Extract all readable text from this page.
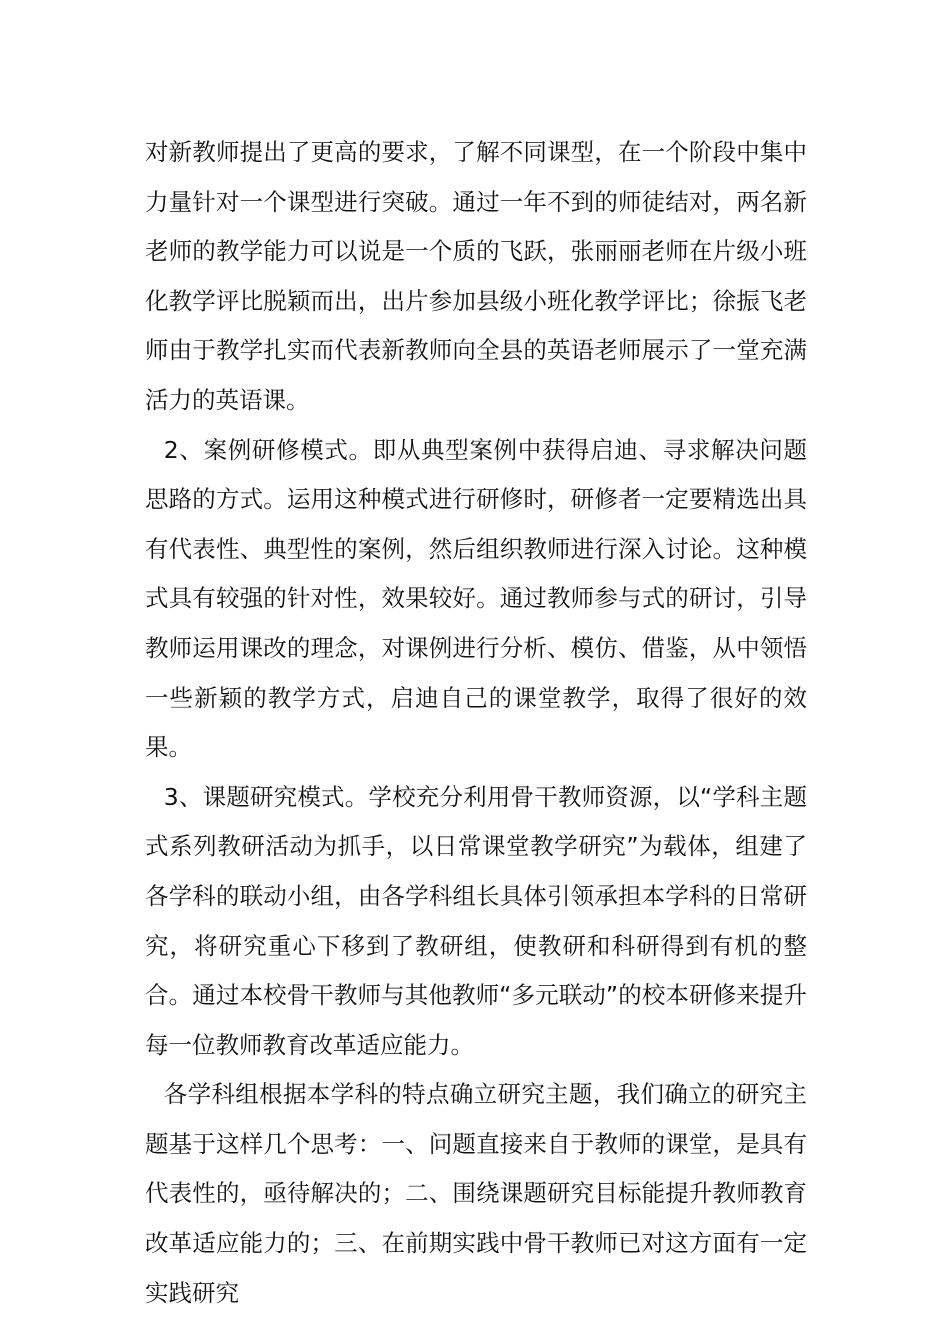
对新教师提出了更高的要求，了解不同课型，在一个阶段中集中力量针对一个课型进行突破。通过一年不到的师徒结对，两名新老师的教学能力可以说是一个质的飞跃，张丽丽老师在片级小班化教学评比脱颖而出，出片参加县级小班化教学评比；徐振飞老师由于教学扎实而代表新教师向全县的英语老师展示了一堂充满活力的英语课。

2、案例研修模式。即从典型案例中获得启迪、寻求解决问题思路的方式。运用这种模式进行研修时，研修者一定要精选出具有代表性、典型性的案例，然后组织教师进行深入讨论。这种模式具有较强的针对性，效果较好。通过教师参与式的研讨，引导教师运用课改的理念，对课例进行分析、模仿、借鉴，从中领悟一些新颖的教学方式，启迪自己的课堂教学，取得了很好的效果。

3、课题研究模式。学校充分利用骨干教师资源，以“学科主题式系列教研活动为抓手，以日常课堂教学研究”为载体，组建了各学科的联动小组，由各学科组长具体引领承担本学科的日常研究，将研究重心下移到了教研组，使教研和科研得到有机的整合。通过本校骨干教师与其他教师“多元联动”的校本研修来提升每一位教师教育改革适应能力。

各学科组根据本学科的特点确立研究主题，我们确立的研究主题基于这样几个思考：一、问题直接来自于教师的课堂，是具有代表性的，亟待解决的；二、围绕课题研究目标能提升教师教育改革适应能力的；三、在前期实践中骨干教师已对这方面有一定实践研究
